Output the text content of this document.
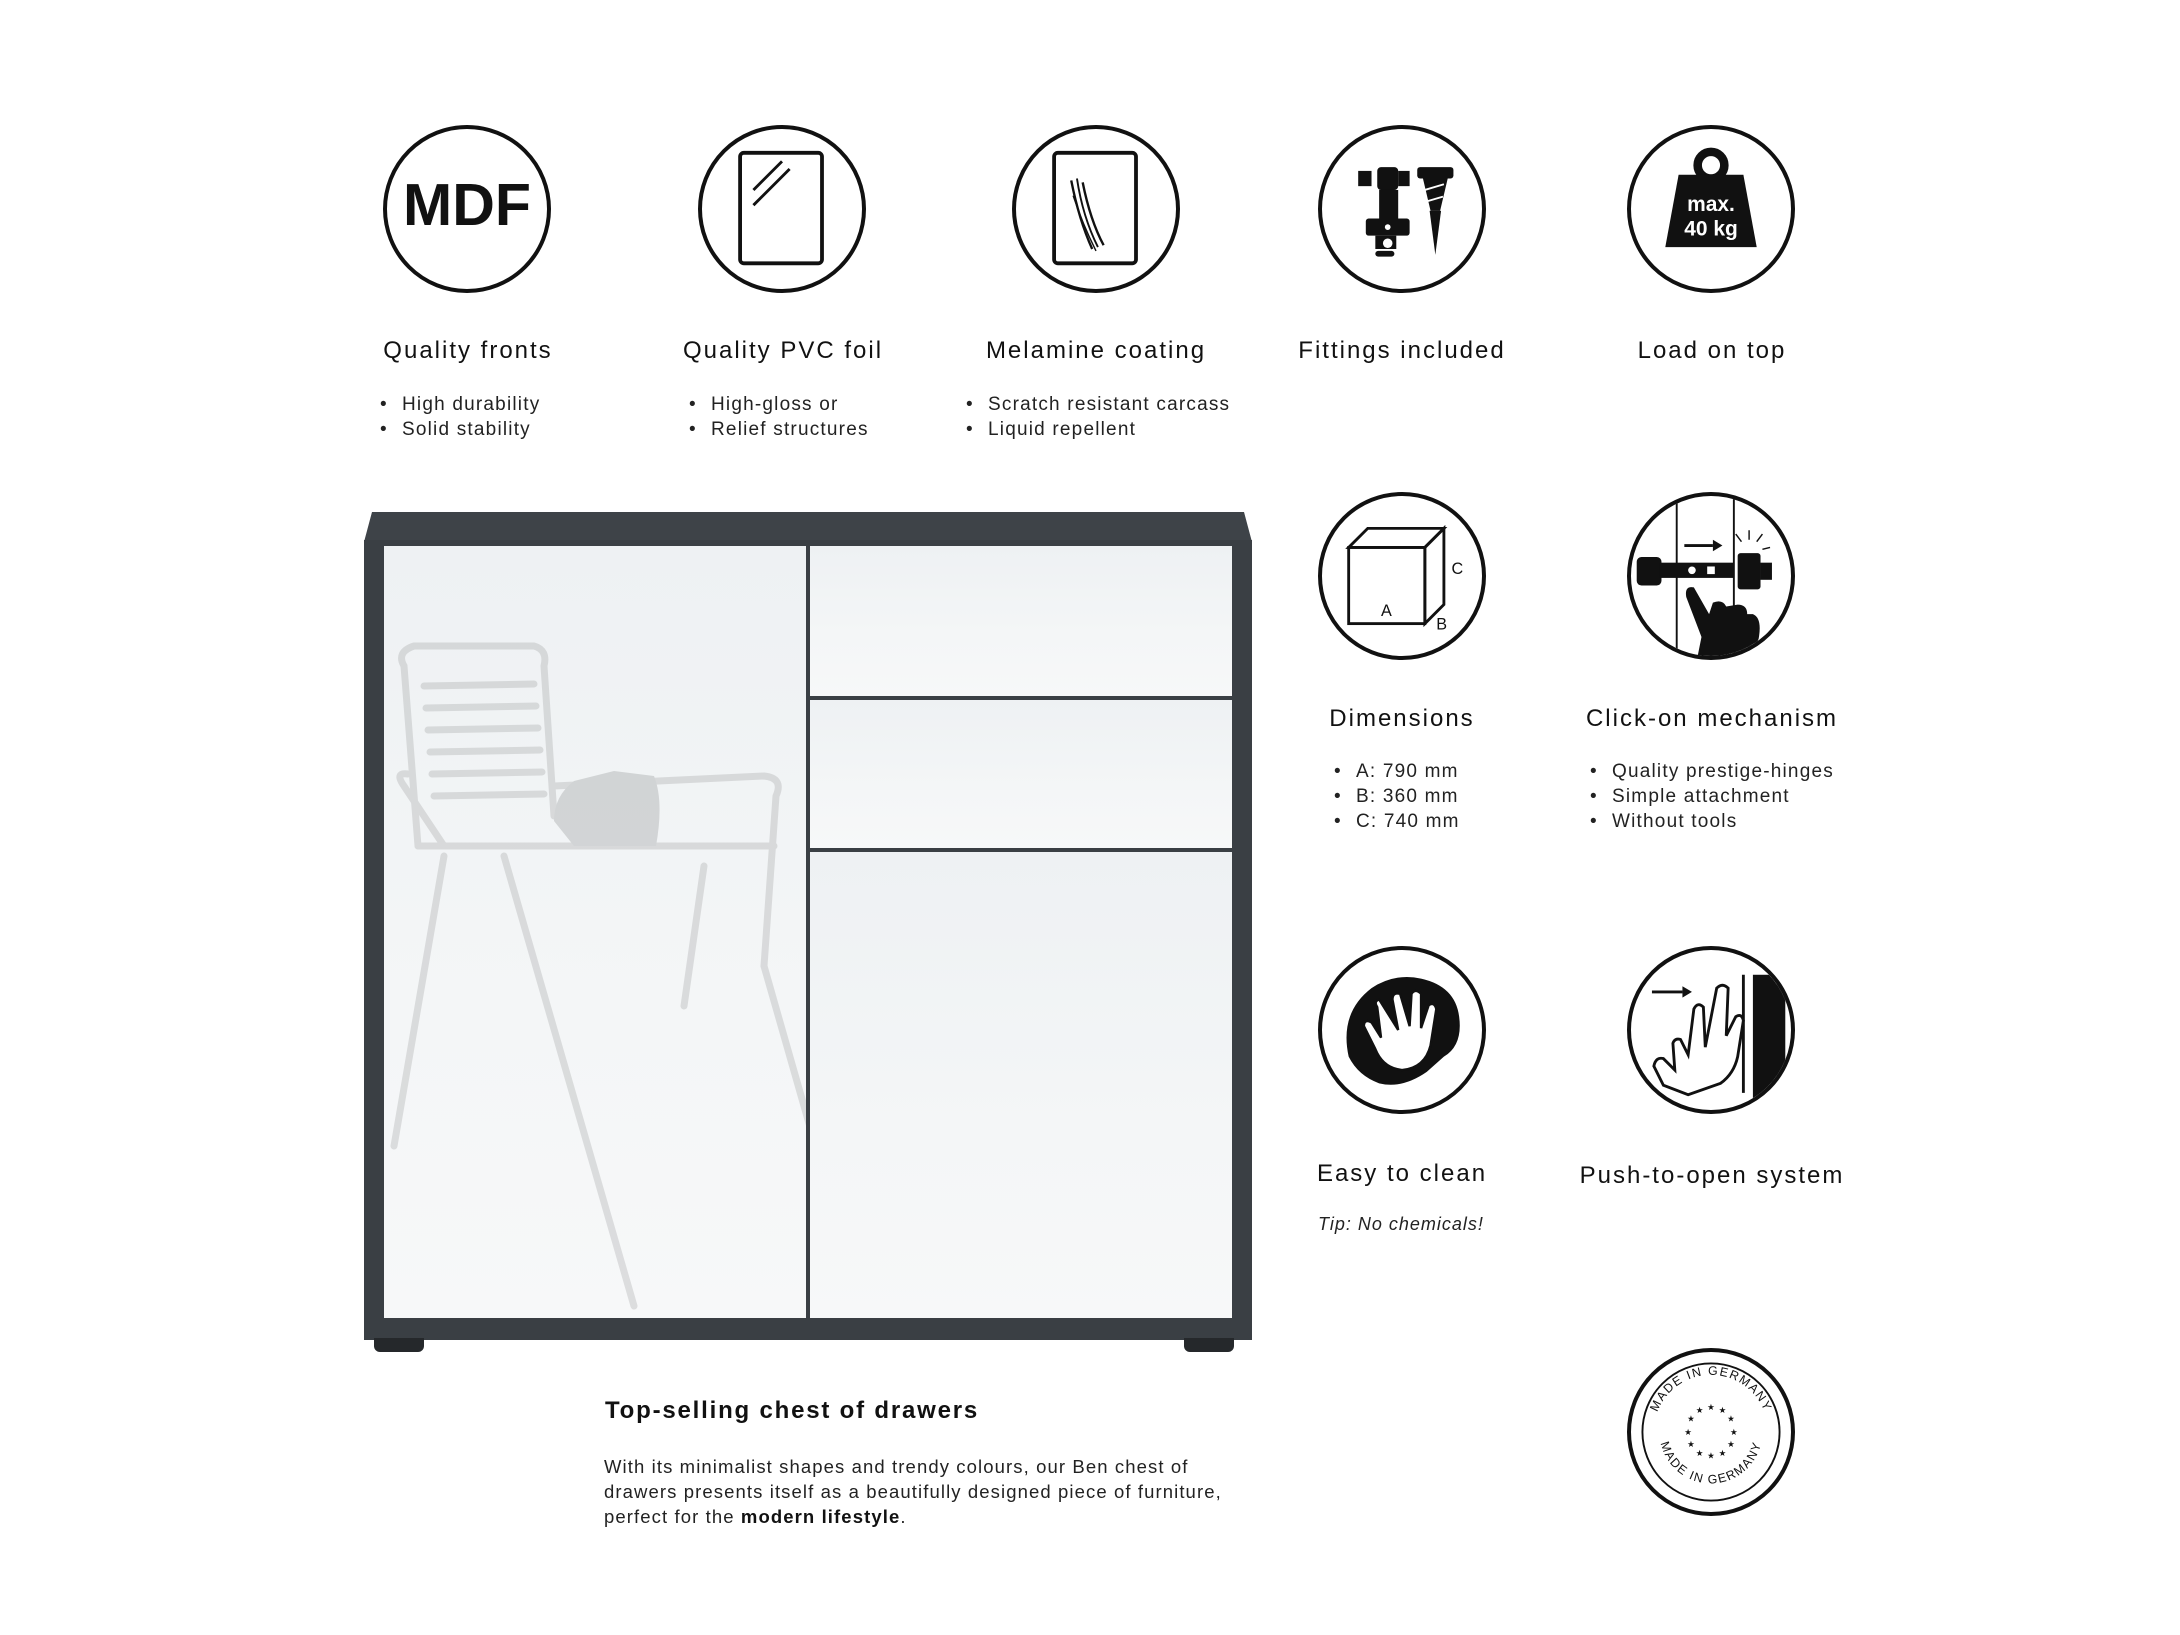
MDF
Quality fronts
• High durability
• Solid stability
Quality PVC foil
• High-gloss or
• Relief structures
Melamine coating
• Scratch resistant carcass
• Liquid repellent
Fittings included
max.
40 kg
Load on top
A
B
C
Dimensions
• A: 790 mm
• B: 360 mm
• C: 740 mm
Click-on mechanism
• Quality prestige-hinges
• Simple attachment
• Without tools
Easy to clean
Tip: No chemicals!
Push-to-open system
MADE IN GERMANY
MADE IN GERMANY
★ ★
★
★
★
★
★
★
★
★
★
★
Top-selling chest of drawers
With its minimalist shapes and trendy colours, our Ben chest of drawers presents itself as a beautifully designed piece of furniture, perfect for the modern lifestyle.
